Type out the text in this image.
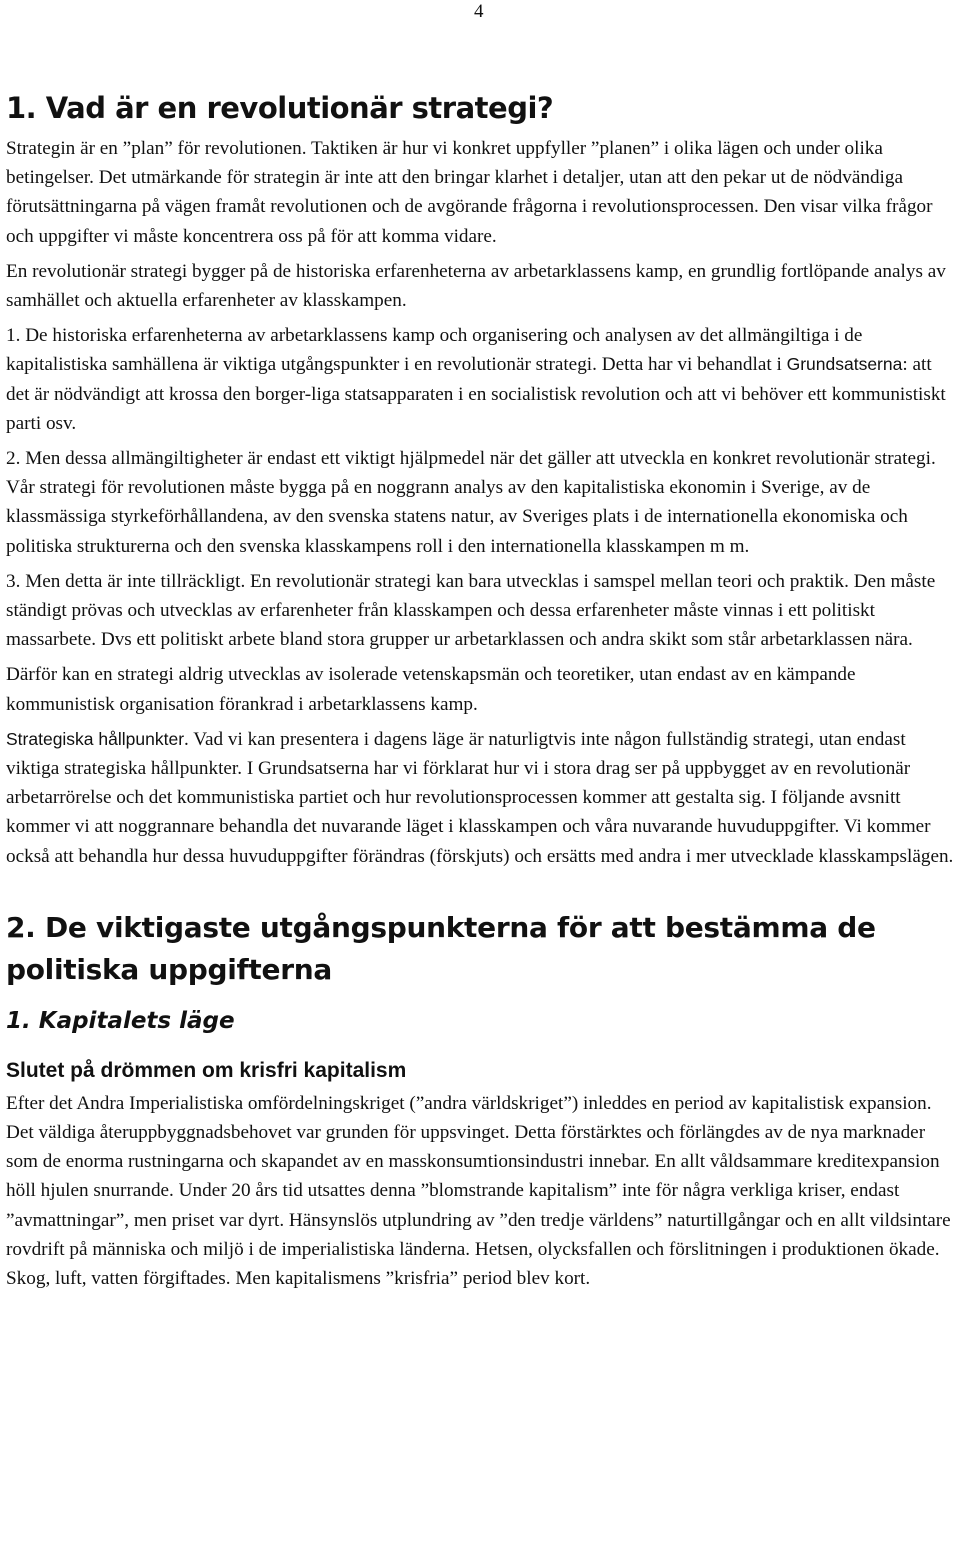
4
1. Vad är en revolutionär strategi?

Strategin är en ”plan” för revolutionen. Taktiken är hur vi konkret uppfyller ”planen” i olika lägen och under olika betingelser. Det utmärkande för strategin är inte att den bringar klarhet i detaljer, utan att den pekar ut de nödvändiga förutsättningarna på vägen framåt revolutionen och de avgörande frågorna i revolutionsprocessen. Den visar vilka frågor och uppgifter vi måste koncentrera oss på för att komma vidare.

En revolutionär strategi bygger på de historiska erfarenheterna av arbetarklassens kamp, en grundlig fortlöpande analys av samhället och aktuella erfarenheter av klasskampen.

1. De historiska erfarenheterna av arbetarklassens kamp och organisering och analysen av det allmängiltiga i de kapitalistiska samhällena är viktiga utgångspunkter i en revolutionär strategi. Detta har vi behandlat i Grundsatserna: att det är nödvändigt att krossa den borger-liga statsapparaten i en socialistisk revolution och att vi behöver ett kommunistiskt parti osv.

2. Men dessa allmängiltigheter är endast ett viktigt hjälpmedel när det gäller att utveckla en konkret revolutionär strategi. Vår strategi för revolutionen måste bygga på en noggrann analys av den kapitalistiska ekonomin i Sverige, av de klassmässiga styrkeförhållandena, av den svenska statens natur, av Sveriges plats i de internationella ekonomiska och politiska strukturerna och den svenska klasskampens roll i den internationella klasskampen m m.

3. Men detta är inte tillräckligt. En revolutionär strategi kan bara utvecklas i samspel mellan teori och praktik. Den måste ständigt prövas och utvecklas av erfarenheter från klasskampen och dessa erfarenheter måste vinnas i ett politiskt massarbete. Dvs ett politiskt arbete bland stora grupper ur arbetarklassen och andra skikt som står arbetarklassen nära.

Därför kan en strategi aldrig utvecklas av isolerade vetenskapsmän och teoretiker, utan endast av en kämpande kommunistisk organisation förankrad i arbetarklassens kamp.

Strategiska hållpunkter. Vad vi kan presentera i dagens läge är naturligtvis inte någon fullständig strategi, utan endast viktiga strategiska hållpunkter. I Grundsatserna har vi förklarat hur vi i stora drag ser på uppbygget av en revolutionär arbetarrörelse och det kommunistiska partiet och hur revolutionsprocessen kommer att gestalta sig. I följande avsnitt kommer vi att noggrannare behandla det nuvarande läget i klasskampen och våra nuvarande huvuduppgifter. Vi kommer också att behandla hur dessa huvuduppgifter förändras (förskjuts) och ersätts med andra i mer utvecklade klasskampslägen.

2. De viktigaste utgångspunkterna för att bestämma de politiska uppgifterna
1. Kapitalets läge
Slutet på drömmen om krisfri kapitalism

Efter det Andra Imperialistiska omfördelningskriget (”andra världskriget”) inleddes en period av kapitalistisk expansion. Det väldiga återuppbyggnadsbehovet var grunden för uppsvinget. Detta förstärktes och förlängdes av de nya marknader som de enorma rustningarna och skapandet av en masskonsumtionsindustri innebar. En allt våldsammare kreditexpansion höll hjulen snurrande. Under 20 års tid utsattes denna ”blomstrande kapitalism” inte för några verkliga kriser, endast ”avmattningar”, men priset var dyrt. Hänsynslös utplundring av ”den tredje världens” naturtillgångar och en allt vildsintare rovdrift på människa och miljö i de imperialistiska länderna. Hetsen, olycksfallen och förslitningen i produktionen ökade. Skog, luft, vatten förgiftades. Men kapitalismens ”krisfria” period blev kort.
